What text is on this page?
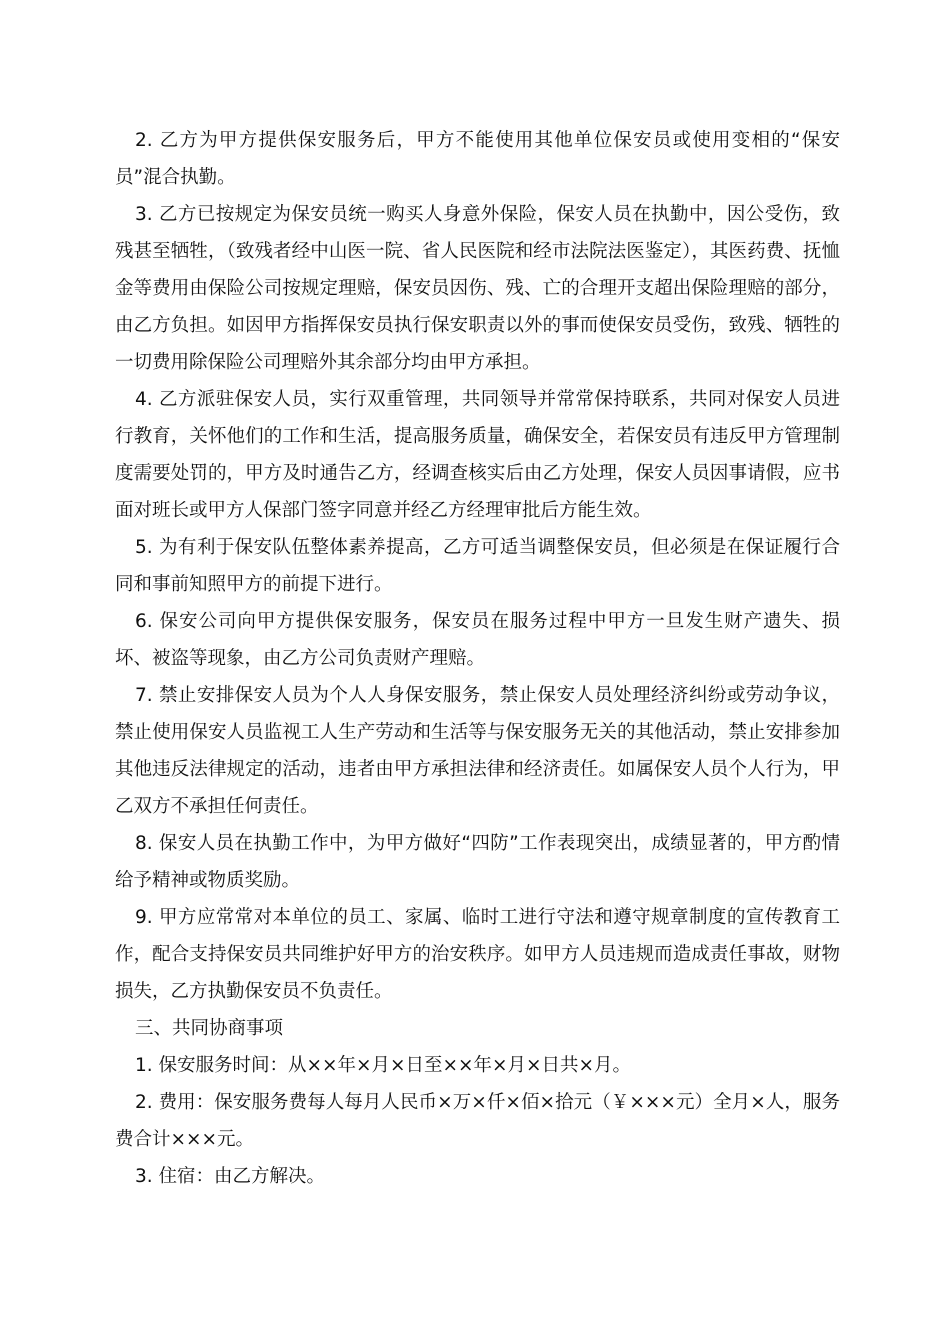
2. 乙方为甲方提供保安服务后，甲方不能使用其他单位保安员或使用变相的“保安员”混合执勤。

3. 乙方已按规定为保安员统一购买人身意外保险，保安人员在执勤中，因公受伤，致残甚至牺牲，（致残者经中山医一院、省人民医院和经市法院法医鉴定），其医药费、抚恤金等费用由保险公司按规定理赔，保安员因伤、残、亡的合理开支超出保险理赔的部分，由乙方负担。如因甲方指挥保安员执行保安职责以外的事而使保安员受伤，致残、牺牲的一切费用除保险公司理赔外其余部分均由甲方承担。

4. 乙方派驻保安人员，实行双重管理，共同领导并常常保持联系，共同对保安人员进行教育，关怀他们的工作和生活，提高服务质量，确保安全，若保安员有违反甲方管理制度需要处罚的，甲方及时通告乙方，经调查核实后由乙方处理，保安人员因事请假，应书面对班长或甲方人保部门签字同意并经乙方经理审批后方能生效。

5. 为有利于保安队伍整体素养提高，乙方可适当调整保安员，但必须是在保证履行合同和事前知照甲方的前提下进行。

6. 保安公司向甲方提供保安服务，保安员在服务过程中甲方一旦发生财产遗失、损坏、被盗等现象，由乙方公司负责财产理赔。

7. 禁止安排保安人员为个人人身保安服务，禁止保安人员处理经济纠纷或劳动争议，禁止使用保安人员监视工人生产劳动和生活等与保安服务无关的其他活动，禁止安排参加其他违反法律规定的活动，违者由甲方承担法律和经济责任。如属保安人员个人行为，甲乙双方不承担任何责任。

8. 保安人员在执勤工作中，为甲方做好“四防”工作表现突出，成绩显著的，甲方酌情给予精神或物质奖励。

9. 甲方应常常对本单位的员工、家属、临时工进行守法和遵守规章制度的宣传教育工作，配合支持保安员共同维护好甲方的治安秩序。如甲方人员违规而造成责任事故，财物损失，乙方执勤保安员不负责任。

三、共同协商事项

1. 保安服务时间：从××年×月×日至××年×月×日共×月。

2. 费用：保安服务费每人每月人民币×万×仟×佰×拾元（￥×××元）全月×人，服务费合计×××元。

3. 住宿：由乙方解决。
